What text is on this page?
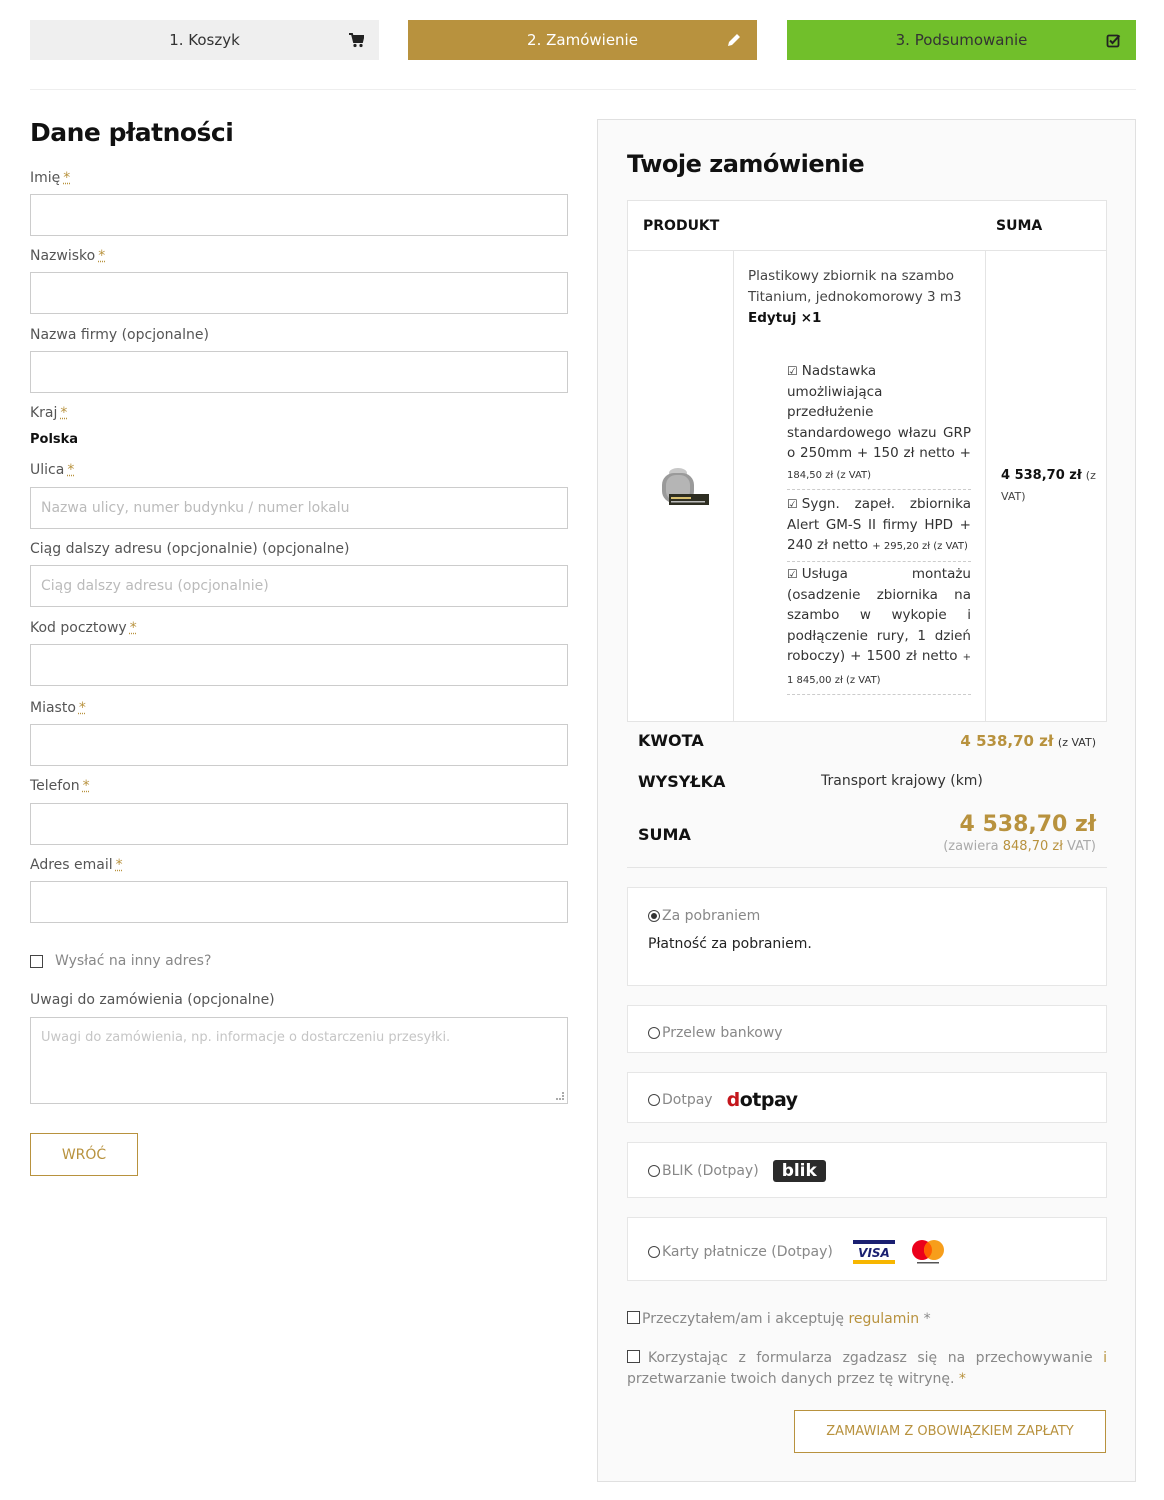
1. Koszyk	2. Zamówienie	3. Podsumowanie
Dane płatności
Imię *
Nazwisko *
Nazwa firmy (opcjonalne)
Kraj *
Polska
Ulica *
Nazwa ulicy, numer budynku / numer lokalu
Ciąg dalszy adresu (opcjonalnie) (opcjonalne)
Ciąg dalszy adresu (opcjonalnie)
Kod pocztowy *
Miasto *
Telefon *
Adres email *
Wysłać na inny adres?
Uwagi do zamówienia (opcjonalne)
Uwagi do zamówienia, np. informacje o dostarczeniu przesyłki.
WRÓĆ
Twoje zamówienie
PRODUKT	SUMA
Plastikowy zbiornik na szambo Titanium, jednokomorowy 3 m3 Edytuj ×1
☑ Nadstawka umożliwiająca przedłużenie standardowego włazu GRP o 250mm + 150 zł netto + 184,50 zł (z VAT)
☑ Sygn. zapeł. zbiornika Alert GM-S II firmy HPD + 240 zł netto + 295,20 zł (z VAT)
☑ Usługa montażu (osadzenie zbiornika na szambo w wykopie i podłączenie rury, 1 dzień roboczy) + 1500 zł netto + 1 845,00 zł (z VAT)
4 538,70 zł (z VAT)
KWOTA	4 538,70 zł (z VAT)
WYSYŁKA	Transport krajowy (km)
SUMA	4 538,70 zł
(zawiera 848,70 zł VAT)
Za pobraniem
Płatność za pobraniem.
Przelew bankowy
Dotpay dotpay
BLIK (Dotpay)	blik
Karty płatnicze (Dotpay) VISA
Przeczytałem/am i akceptuję regulamin *
Korzystając z formularza zgadzasz się na przechowywanie i przetwarzanie twoich danych przez tę witrynę. *
ZAMAWIAM Z OBOWIĄZKIEM ZAPŁATY
